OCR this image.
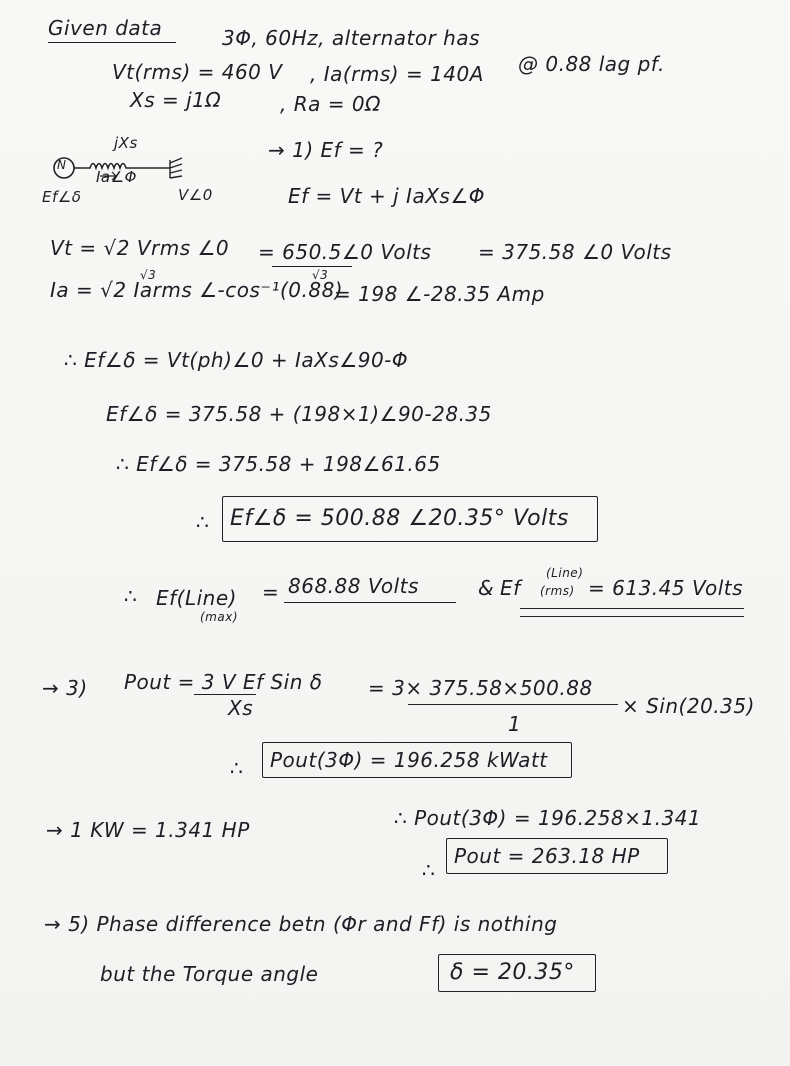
Given data	3Φ, 60Hz, alternator has
Vt(rms) = 460 V , Ia(rms) = 140A @ 0.88 lag pf.
Xs = j1Ω	, Ra = 0Ω
jXs
N
Ia∠Φ
Ef∠δ	V∠0
→ 1) Ef = ?
Ef = Vt + j IaXs∠Φ
Vt = √2 Vrms ∠0 = 650.5∠0 Volts
√3
= 375.58 ∠0 Volts
Ia = √2 Iarms ∠-cos⁻¹(0.88)
√3
= 198 ∠-28.35 Amp
∴ Ef∠δ = Vt(ph)∠0 + IaXs∠90-Φ
Ef∠δ = 375.58 + (198×1)∠90-28.35
∴ Ef∠δ = 375.58 + 198∠61.65
∴ Ef∠δ = 500.88 ∠20.35° Volts
∴ Ef(Line)
(max)
= 868.88 Volts	& Ef
(Line)
(rms) = 613.45 Volts
→ 3) Pout = 3 V Ef Sin δ
Xs
= 3× 375.58×500.88
1
× Sin(20.35)
∴ Pout(3Φ) = 196.258 kWatt
→ 1 KW = 1.341 HP	∴ Pout(3Φ) = 196.258×1.341
∴
Pout = 263.18 HP
→ 5) Phase difference betn (Φr and Ff) is nothing
but the Torque angle	δ = 20.35°
